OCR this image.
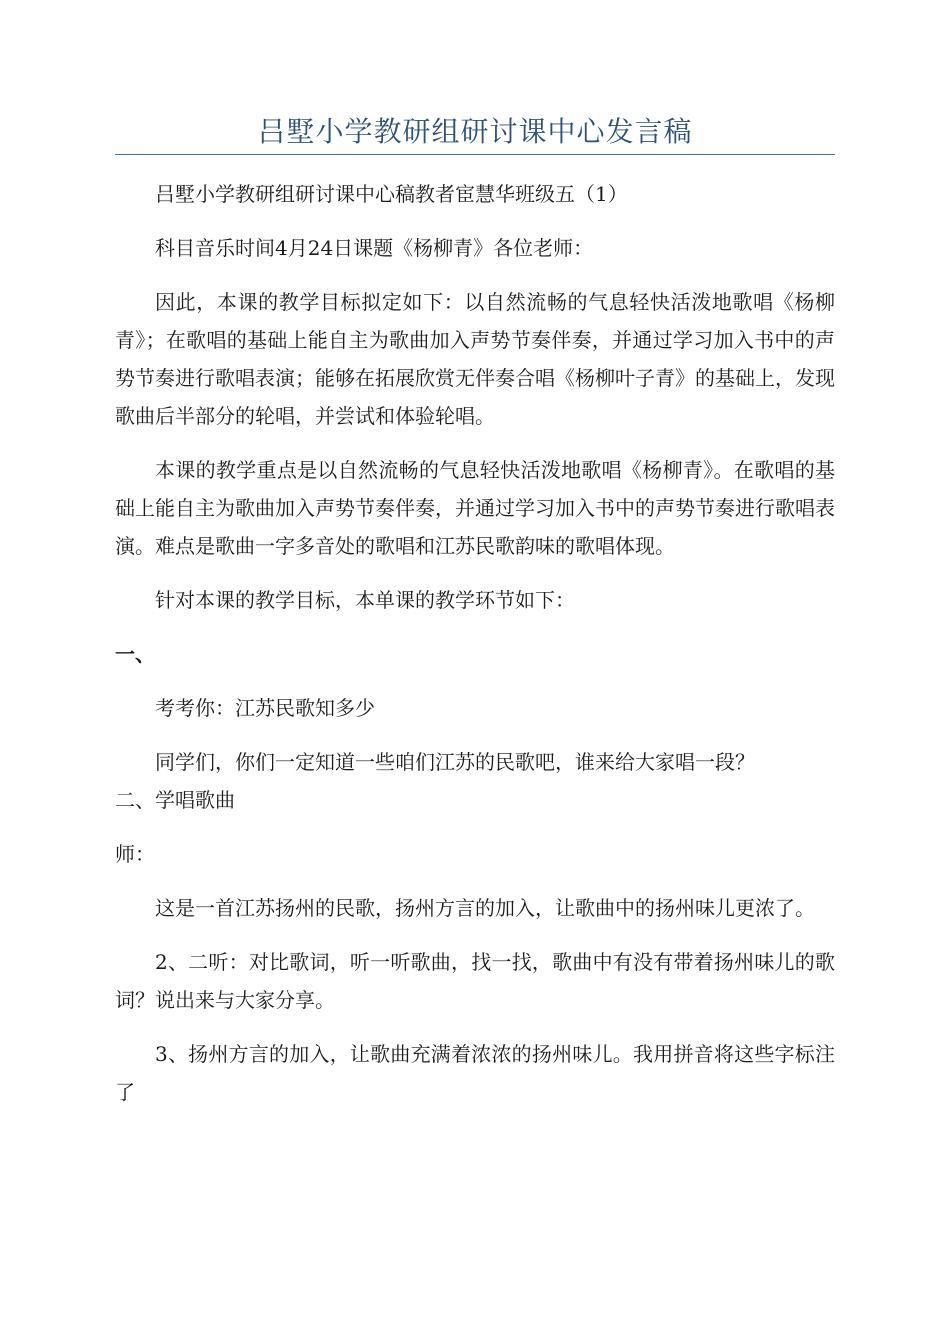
吕墅小学教研组研讨课中心发言稿

吕墅小学教研组研讨课中心稿教者宦慧华班级五（1）

科目音乐时间4月24日课题《杨柳青》各位老师：

因此，本课的教学目标拟定如下：以自然流畅的气息轻快活泼地歌唱《杨柳青》；在歌唱的基础上能自主为歌曲加入声势节奏伴奏，并通过学习加入书中的声势节奏进行歌唱表演；能够在拓展欣赏无伴奏合唱《杨柳叶子青》的基础上，发现歌曲后半部分的轮唱，并尝试和体验轮唱。

本课的教学重点是以自然流畅的气息轻快活泼地歌唱《杨柳青》。在歌唱的基础上能自主为歌曲加入声势节奏伴奏，并通过学习加入书中的声势节奏进行歌唱表演。难点是歌曲一字多音处的歌唱和江苏民歌韵味的歌唱体现。

针对本课的教学目标，本单课的教学环节如下：

一、

考考你：江苏民歌知多少

同学们，你们一定知道一些咱们江苏的民歌吧，谁来给大家唱一段？

二、学唱歌曲

师：

这是一首江苏扬州的民歌，扬州方言的加入，让歌曲中的扬州味儿更浓了。

2、二听：对比歌词，听一听歌曲，找一找，歌曲中有没有带着扬州味儿的歌词？说出来与大家分享。

3、扬州方言的加入，让歌曲充满着浓浓的扬州味儿。我用拼音将这些字标注了
